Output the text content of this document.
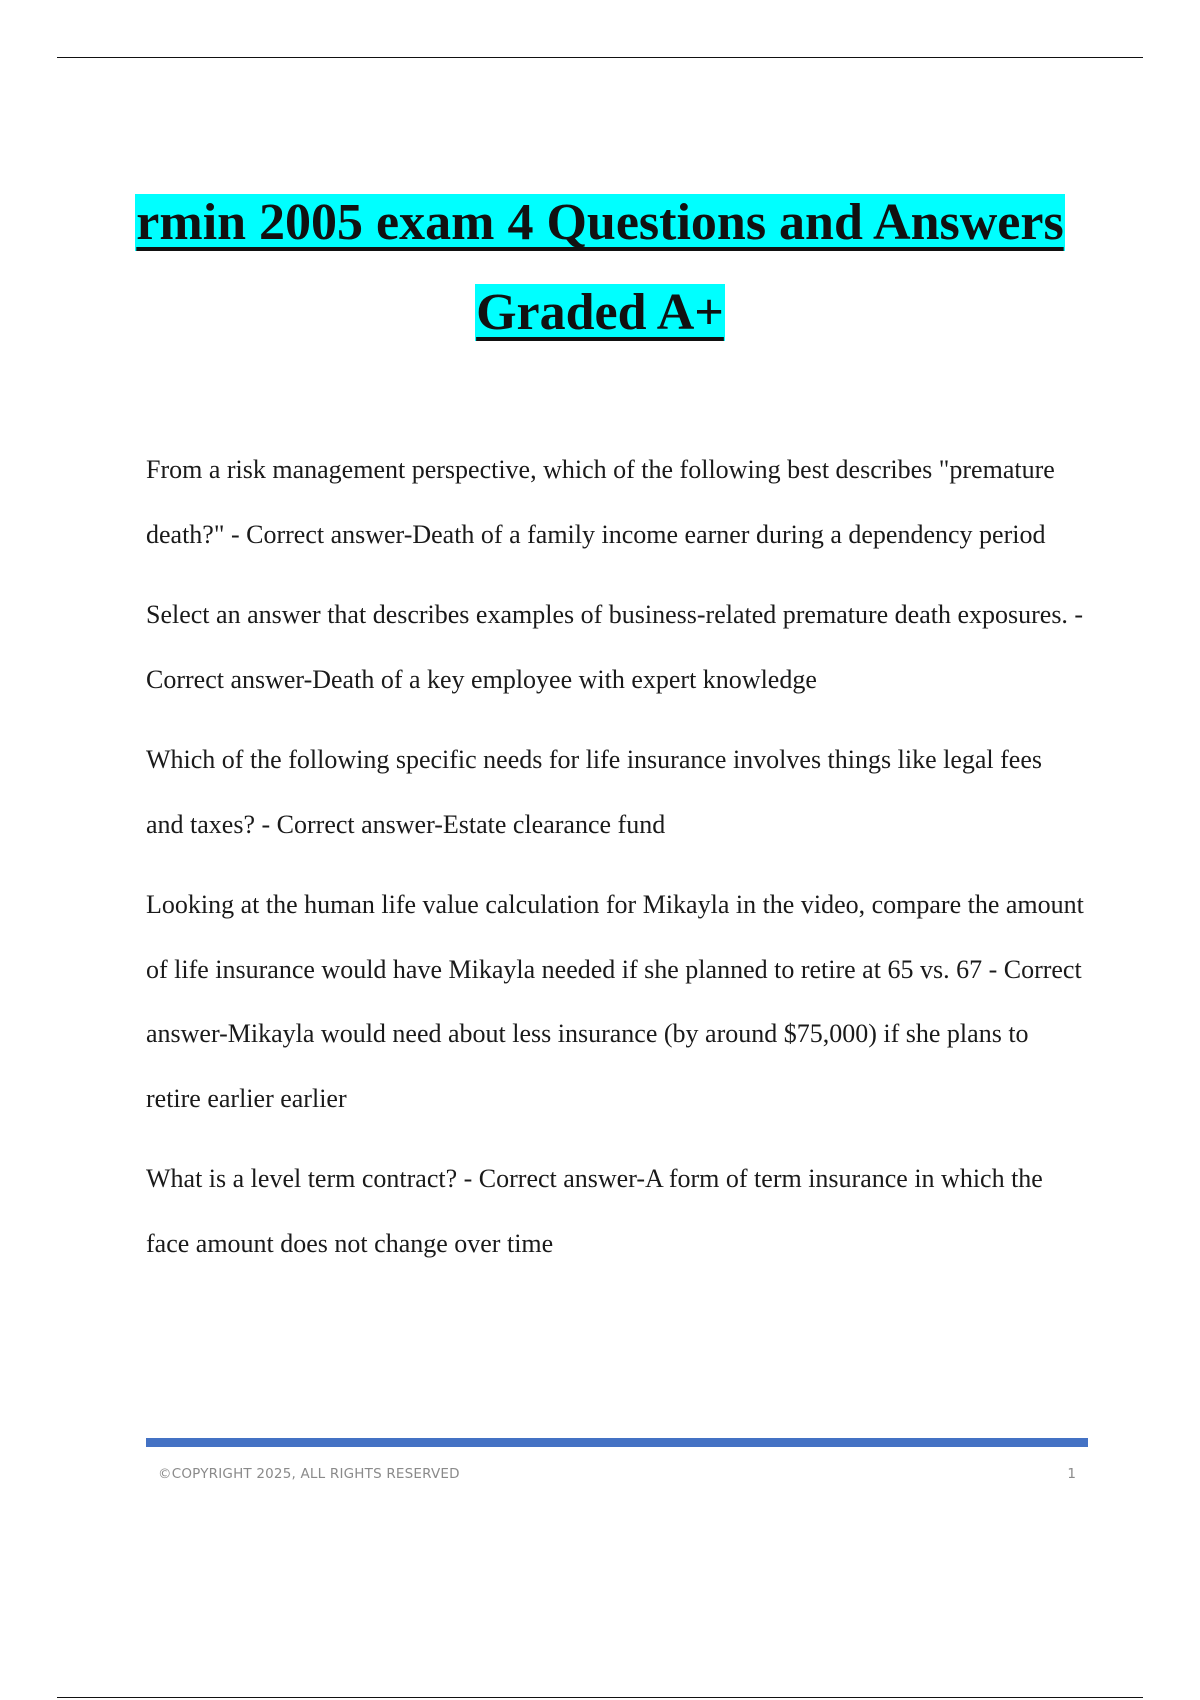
rmin 2005 exam 4 Questions and Answers
Graded A+
From a risk management perspective, which of the following best describes "premature death?" - Correct answer-Death of a family income earner during a dependency period
Select an answer that describes examples of business-related premature death exposures. - Correct answer-Death of a key employee with expert knowledge
Which of the following specific needs for life insurance involves things like legal fees and taxes? - Correct answer-Estate clearance fund
Looking at the human life value calculation for Mikayla in the video, compare the amount of life insurance would have Mikayla needed if she planned to retire at 65 vs. 67 - Correct answer-Mikayla would need about less insurance (by around $75,000) if she plans to retire earlier earlier
What is a level term contract? - Correct answer-A form of term insurance in which the face amount does not change over time
©COPYRIGHT 2025, ALL RIGHTS RESERVED	1
